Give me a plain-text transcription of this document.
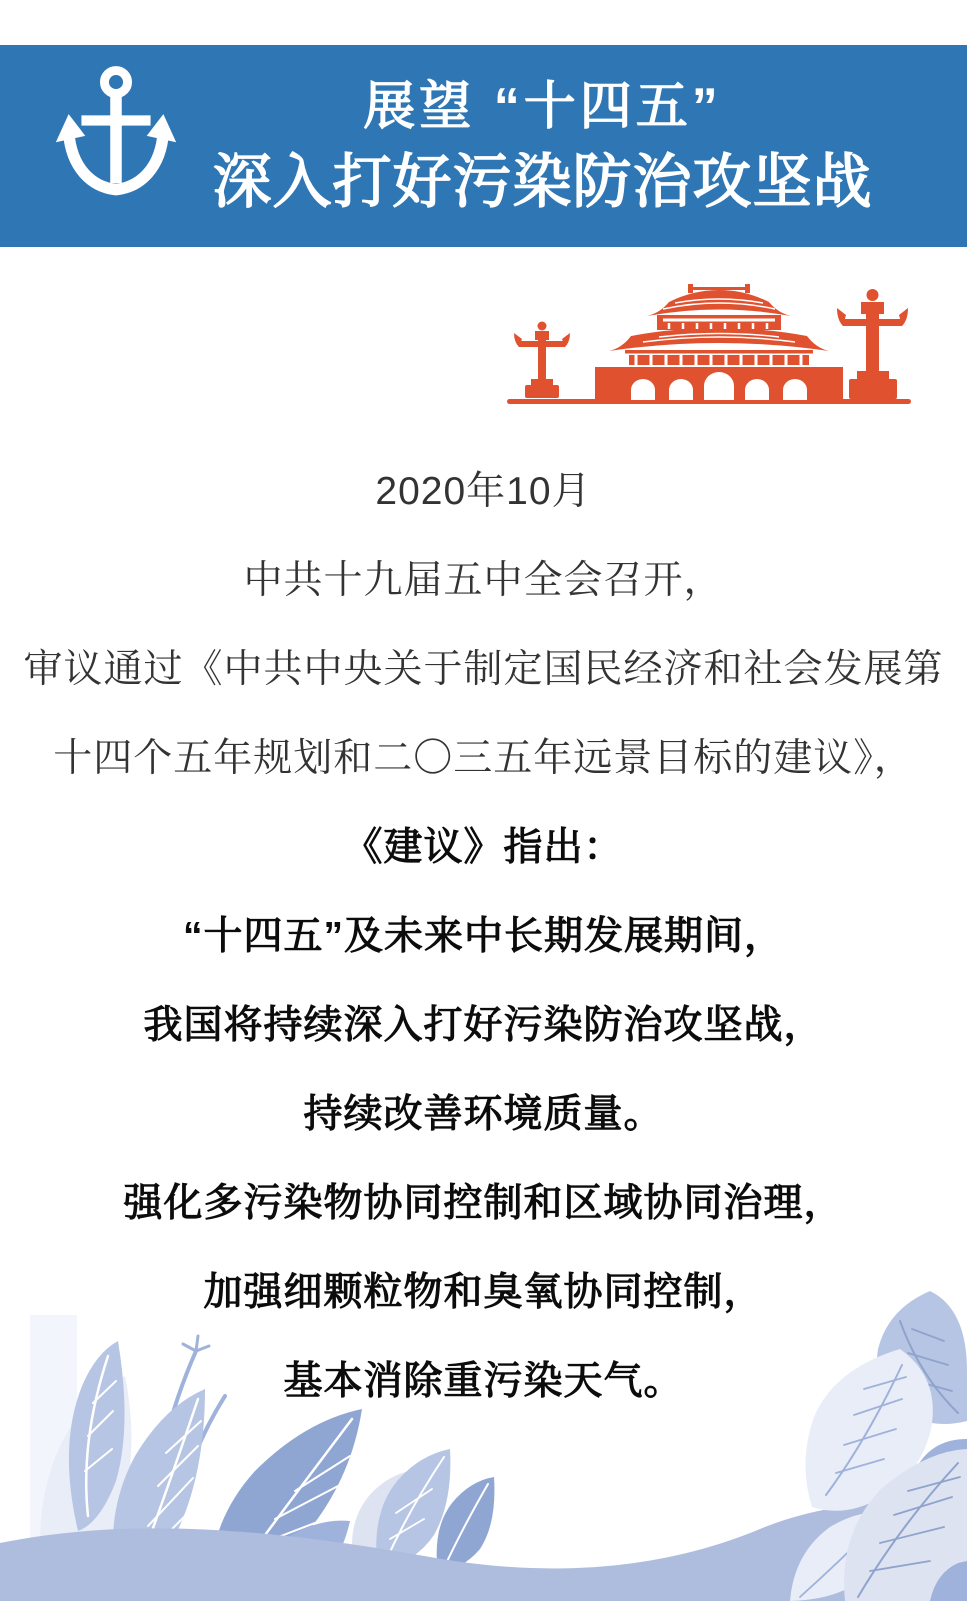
展望 “十四五”
深入打好污染防治攻坚战

2020年10月

中共十九届五中全会召开，

审议通过《中共中央关于制定国民经济和社会发展第

十四个五年规划和二〇三五年远景目标的建议》，

《建议》指出：

“十四五”及未来中长期发展期间，

我国将持续深入打好污染防治攻坚战，

持续改善环境质量。

强化多污染物协同控制和区域协同治理，

加强细颗粒物和臭氧协同控制，

基本消除重污染天气。
